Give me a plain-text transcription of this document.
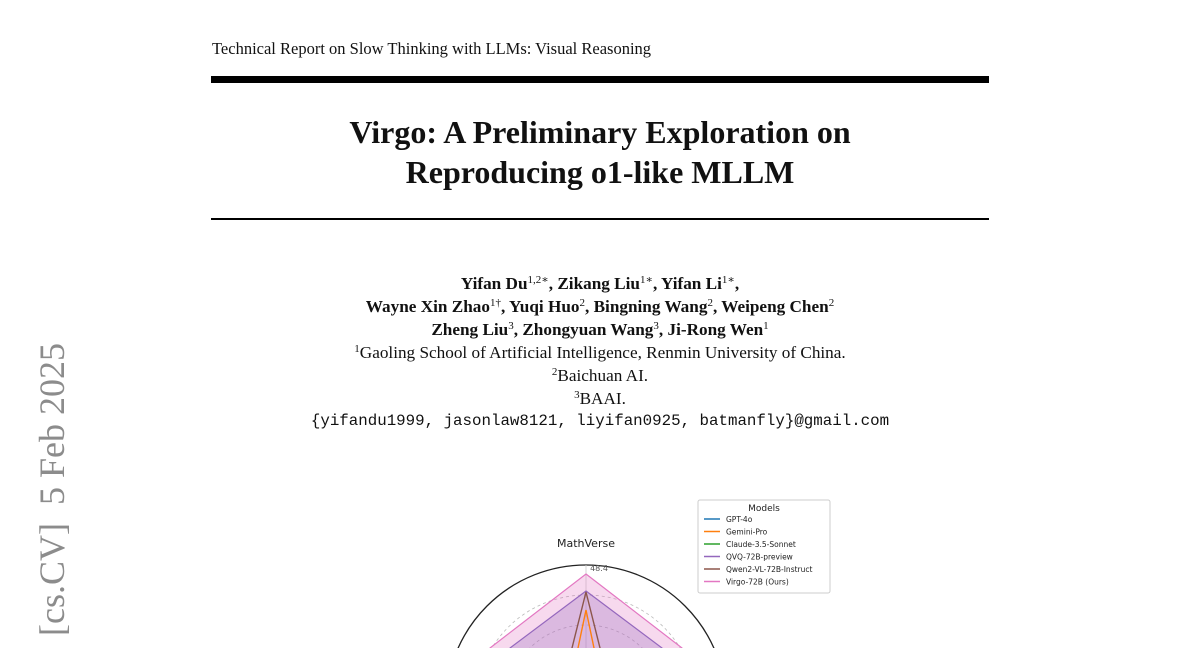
Technical Report on Slow Thinking with LLMs: Visual Reasoning
Virgo: A Preliminary Exploration on
Reproducing o1-like MLLM
Yifan $Du^{1,2∗}$, Zikang Liu$^{1∗}$, Yifan $Li^{1∗}$,
Wayne Xin Zhao$^{1\dagger}$, Yuqi Huo$^2$, Bingning Wang$^2$, Weipeng Chen$^2$
Zheng Liu$^3$, Zhongyuan Wang$^3$, Ji-Rong Wen$^1$
$^1$Gaoling School of Artificial Intelligence, Renmin University of China.
$^2$Baichuan AI.
$^3$BAAI.
{yifandu1999, jasonlaw8121, liyifan0925, batmanfly}@gmail.com
[cs.CV]  5 Feb 2025	MathVerse
48.4
Models
GPT-4o
Gemini-Pro
Claude-3.5-Sonnet
QVQ-72B-preview
Qwen2-VL-72B-Instruct
Virgo-72B (Ours)
